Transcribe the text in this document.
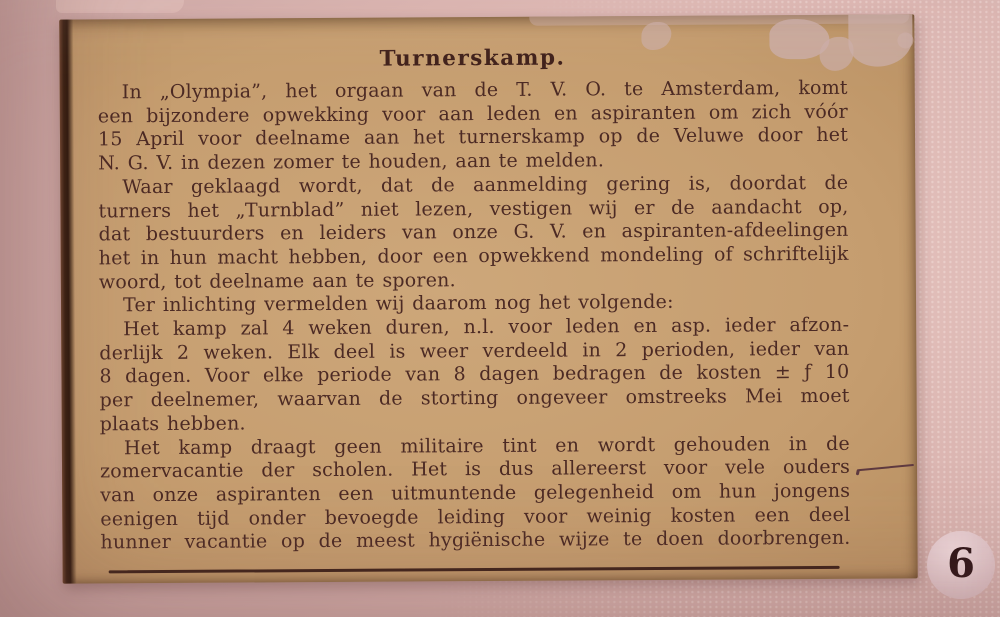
Turnerskamp.
In „Olympia”, het orgaan van de T. V. O. te Amsterdam, komt
een bijzondere opwekking voor aan leden en aspiranten om zich vóór
15 April voor deelname aan het turnerskamp op de Veluwe door het
N. G. V. in dezen zomer te houden, aan te melden.
Waar geklaagd wordt, dat de aanmelding gering is, doordat de
turners het „Turnblad” niet lezen, vestigen wij er de aandacht op,
dat bestuurders en leiders van onze G. V. en aspiranten-afdeelingen
het in hun macht hebben, door een opwekkend mondeling of schriftelijk
woord, tot deelname aan te sporen.
Ter inlichting vermelden wij daarom nog het volgende:
Het kamp zal 4 weken duren, n.l. voor leden en asp. ieder afzon-
derlijk 2 weken. Elk deel is weer verdeeld in 2 perioden, ieder van
8 dagen. Voor elke periode van 8 dagen bedragen de kosten ± ƒ 10
per deelnemer, waarvan de storting ongeveer omstreeks Mei moet
plaats hebben.
Het kamp draagt geen militaire tint en wordt gehouden in de
zomervacantie der scholen. Het is dus allereerst voor vele ouders
van onze aspiranten een uitmuntende gelegenheid om hun jongens
eenigen tijd onder bevoegde leiding voor weinig kosten een deel
hunner vacantie op de meest hygiënische wijze te doen doorbrengen. 6
